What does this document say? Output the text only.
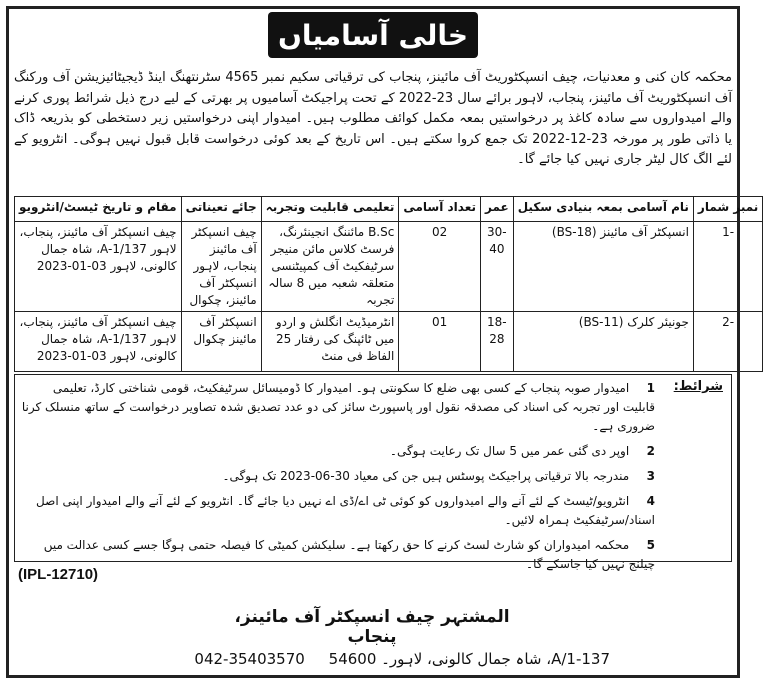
خالی آسامیاں

محکمہ کان کنی و معدنیات، چیف انسپکٹوریٹ آف مائینز، پنجاب کی ترقیاتی سکیم نمبر 4565 سٹرنتھنگ اینڈ ڈیجیٹائیزیشن آف ورکنگ آف انسپکٹوریٹ آف مائینز، پنجاب، لاہور برائے سال 23-2022 کے تحت پراجیکٹ آسامیوں پر بھرتی کے لیے درج ذیل شرائط پوری کرنے والے امیدواروں سے سادہ کاغذ پر درخواستیں بمعہ مکمل کوائف مطلوب ہیں۔ امیدوار اپنی درخواستیں زیر دستخطی کو بذریعہ ڈاک یا ذاتی طور پر مورخہ 23-12-2022 تک جمع کروا سکتے ہیں۔ اس تاریخ کے بعد کوئی درخواست قابل قبول نہیں ہوگی۔ انٹرویو کے لئے الگ کال لیٹر جاری نہیں کیا جائے گا۔

نمبر شمار	نام آسامی بمعہ بنیادی سکیل	عمر	تعداد آسامی	تعلیمی قابلیت وتجربہ	جائے تعیناتی	مقام و تاریخ ٹیسٹ/انٹرویو
-1	انسپکٹر آف مائینز (BS-18)	30-40	02	B.Sc مائننگ انجینئرنگ، فرسٹ کلاس مائن منیجر سرٹیفکیٹ آف کمپیٹنسی متعلقہ شعبہ میں 8 سالہ تجربہ	چیف انسپکٹر آف مائینز پنجاب، لاہور انسپکٹر آف مائینز، چکوال	چیف انسپکٹر آف مائینز، پنجاب، لاہور 137/A-1، شاہ جمال کالونی، لاہور 03-01-2023
-2	جونیئر کلرک (BS-11)	18-28	01	انٹرمیڈیٹ انگلش و اردو میں ٹائپنگ کی رفتار 25 الفاظ فی منٹ	انسپکٹر آف مائینز چکوال	چیف انسپکٹر آف مائینز، پنجاب، لاہور 137/A-1، شاہ جمال کالونی، لاہور 03-01-2023
شرائط:
1 امیدوار صوبہ پنجاب کے کسی بھی ضلع کا سکونتی ہو۔ امیدوار کا ڈومیسائل سرٹیفکیٹ، قومی شناختی کارڈ، تعلیمی قابلیت اور تجربہ کی اسناد کی مصدقہ نقول اور پاسپورٹ سائز کی دو عدد تصدیق شدہ تصاویر درخواست کے ساتھ منسلک کرنا ضروری ہے۔
2 اوپر دی گئی عمر میں 5 سال تک رعایت ہوگی۔
3 مندرجہ بالا ترقیاتی پراجیکٹ پوسٹس ہیں جن کی معیاد 30-06-2023 تک ہوگی۔
4 انٹرویو/ٹیسٹ کے لئے آنے والے امیدواروں کو کوئی ٹی اے/ڈی اے نہیں دیا جائے گا۔ انٹرویو کے لئے آنے والے امیدوار اپنی اصل اسناد/سرٹیفکیٹ ہمراہ لائیں۔
5 محکمہ امیدواران کو شارٹ لسٹ کرنے کا حق رکھتا ہے۔ سلیکشن کمیٹی کا فیصلہ حتمی ہوگا جسے کسی عدالت میں چیلنج نہیں کیا جاسکے گا۔
(IPL-12710)
المشتہر چیف انسپکٹر آف مائینز، پنجاب
137-A/1، شاہ جمال کالونی، لاہور۔ 54600     042-35403570
